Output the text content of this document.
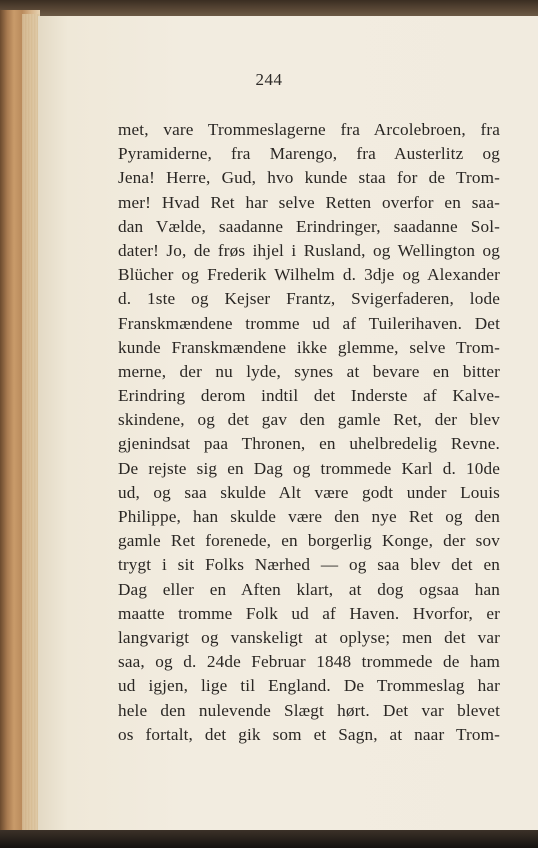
244
met, vare Trommeslagerne fra Arcolebroen, fra
Pyramiderne, fra Marengo, fra Austerlitz og
Jena! Herre, Gud, hvo kunde staa for de Trom-
mer! Hvad Ret har selve Retten overfor en saa-
dan Vælde, saadanne Erindringer, saadanne Sol-
dater! Jo, de frøs ihjel i Rusland, og Wellington og
Blücher og Frederik Wilhelm d. 3dje og Alexander
d. 1ste og Kejser Frantz, Svigerfaderen, lode
Franskmændene tromme ud af Tuilerihaven. Det
kunde Franskmændene ikke glemme, selve Trom-
merne, der nu lyde, synes at bevare en bitter
Erindring derom indtil det Inderste af Kalve-
skindene, og det gav den gamle Ret, der blev
gjenindsat paa Thronen, en uhelbredelig Revne.
De rejste sig en Dag og trommede Karl d. 10de
ud, og saa skulde Alt være godt under Louis
Philippe, han skulde være den nye Ret og den
gamle Ret forenede, en borgerlig Konge, der sov
trygt i sit Folks Nærhed — og saa blev det en
Dag eller en Aften klart, at dog ogsaa han
maatte tromme Folk ud af Haven. Hvorfor, er
langvarigt og vanskeligt at oplyse; men det var
saa, og d. 24de Februar 1848 trommede de ham
ud igjen, lige til England. De Trommeslag har
hele den nulevende Slægt hørt. Det var blevet
os fortalt, det gik som et Sagn, at naar Trom-
